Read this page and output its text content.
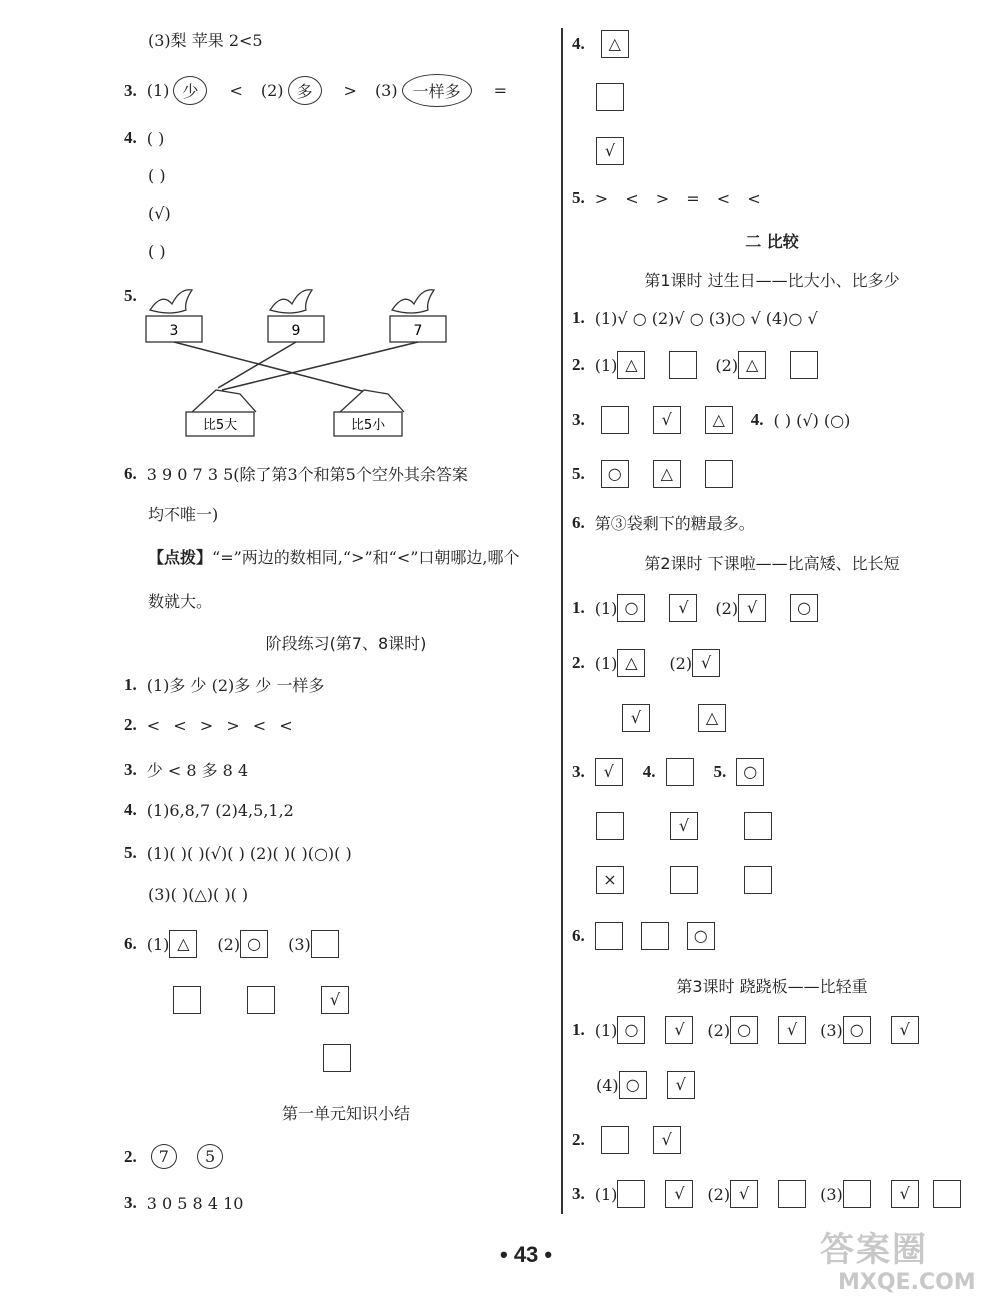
(3)梨 苹果 2<5
3. (1) 少	< (2) 多	> (3) 一样多	=
4. ( )
( )
(√)
( )
5.
3	9	7
比5大	比5小
6. 3 9 0 7 3 5(除了第3个和第5个空外其余答案
均不唯一)
【点拨】 “=”两边的数相同,“>”和“<”口朝哪边,哪个
数就大。
阶段练习(第7、8课时)
1. (1)多 少 (2)多 少 一样多
2. < < > > < <
3. 少 < 8 多 8 4
4. (1)6,8,7 (2)4,5,1,2
5. (1)( )( )(√)( ) (2)( )( )(○)( )
(3)( )(△)( )( )
6. (1) △	(2) ○	(3)
√
第一单元知识小结
2.	7	5
3. 3 0 5 8 4 10
4.	△
√
5. > < > = < <
二 比较
第1课时 过生日——比大小、比多少
1. (1)√ ○ (2)√ ○ (3)○ √ (4)○ √
2. (1) △	(2) △
3.	√	△	4. ( ) (√) (○)
5.	○	△
6. 第③袋剩下的糖最多。
第2课时 下课啦——比高矮、比长短
1. (1) ○	√	(2) √	○
2. (1) △	(2) √
√	△
3.	√	4.	5.	○
√
×
6.	○
第3课时 跷跷板——比轻重
1. (1) ○	√	(2) ○	√	(3) ○	√
(4) ○	√
2.	√
3. (1)	√	(2) √	(3)	√
• 43 •	答案圈
MXQE.COM
